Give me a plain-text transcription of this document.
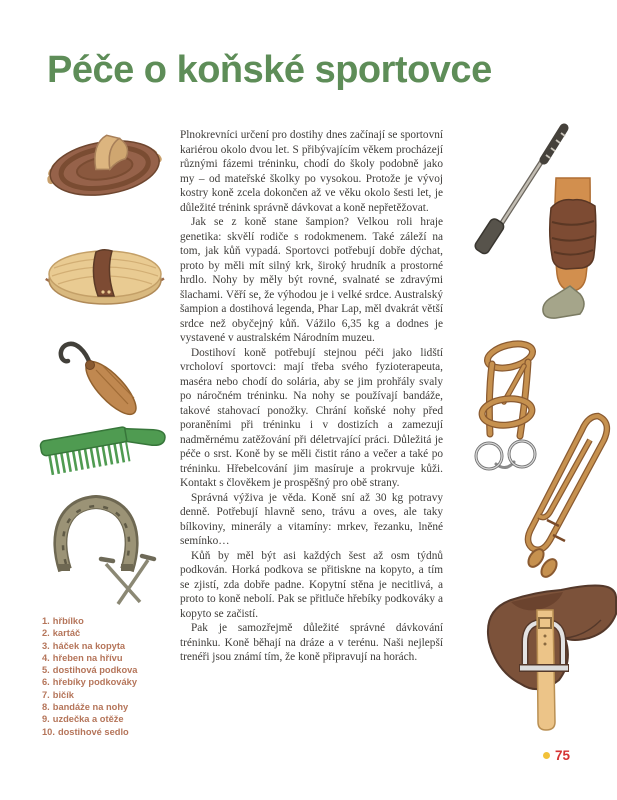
Péče o koňské sportovce

Plnokrevníci určení pro dostihy dnes začínají se sportovní kariérou okolo dvou let. S přibývajícím věkem procházejí různými fázemi tréninku, chodí do školy podobně jako my – od mateřské školky po vysokou. Protože je vývoj kostry koně zcela dokončen až ve věku okolo šesti let, je důležité trénink správně dávkovat a koně nepřetěžovat.

Jak se z koně stane šampion? Velkou roli hraje genetika: skvělí rodiče s rodokmenem. Také záleží na tom, jak kůň vypadá. Sportovci potřebují dobře dýchat, proto by měli mít silný krk, široký hrudník a prostorné hrdlo. Nohy by měly být rovné, svalnaté se zdravými šlachami. Věří se, že výhodou je i velké srdce. Australský šampion a dostihová legenda, Phar Lap, měl dvakrát větší srdce než obyčejný kůň. Vážilo 6,35 kg a dodnes je vystavené v australském Národním muzeu.

Dostihoví koně potřebují stejnou péči jako lidští vrcholoví sportovci: mají třeba svého fyzioterapeuta, maséra nebo chodí do solária, aby se jim prohřály svaly po náročném tréninku. Na nohy se používají bandáže, takové stahovací ponožky. Chrání koňské nohy před poraněními při tréninku i v dostizích a zamezují nadměrnému zatěžování při déletrvající práci. Důležitá je péče o srst. Koně by se měli čistit ráno a večer a také po tréninku. Hřebelcování jim masíruje a prokrvuje kůži. Kontakt s člověkem je prospěšný pro obě strany.

Správná výživa je věda. Koně sní až 30 kg potravy denně. Potřebují hlavně seno, trávu a oves, ale taky bílkoviny, minerály a vitamíny: mrkev, řezanku, lněné semínko…

Kůň by měl být asi každých šest až osm týdnů podkován. Horká podkova se přitiskne na kopyto, a tím se zjistí, zda dobře padne. Kopytní stěna je necitlivá, a proto to koně nebolí. Pak se přitluče hřebíky podkováky a kopyto se začistí.

Pak je samozřejmě důležité správné dávkování tréninku. Koně běhají na dráze a v terénu. Naši nejlepší trenéři jsou známí tím, že koně připravují na horách.

1. hřbílko
2. kartáč
3. háček na kopyta
4. hřeben na hřívu
5. dostihová podkova
6. hřebíky podkováky
7. bičík
8. bandáže na nohy
9. uzdečka a otěže
10. dostihové sedlo
75
